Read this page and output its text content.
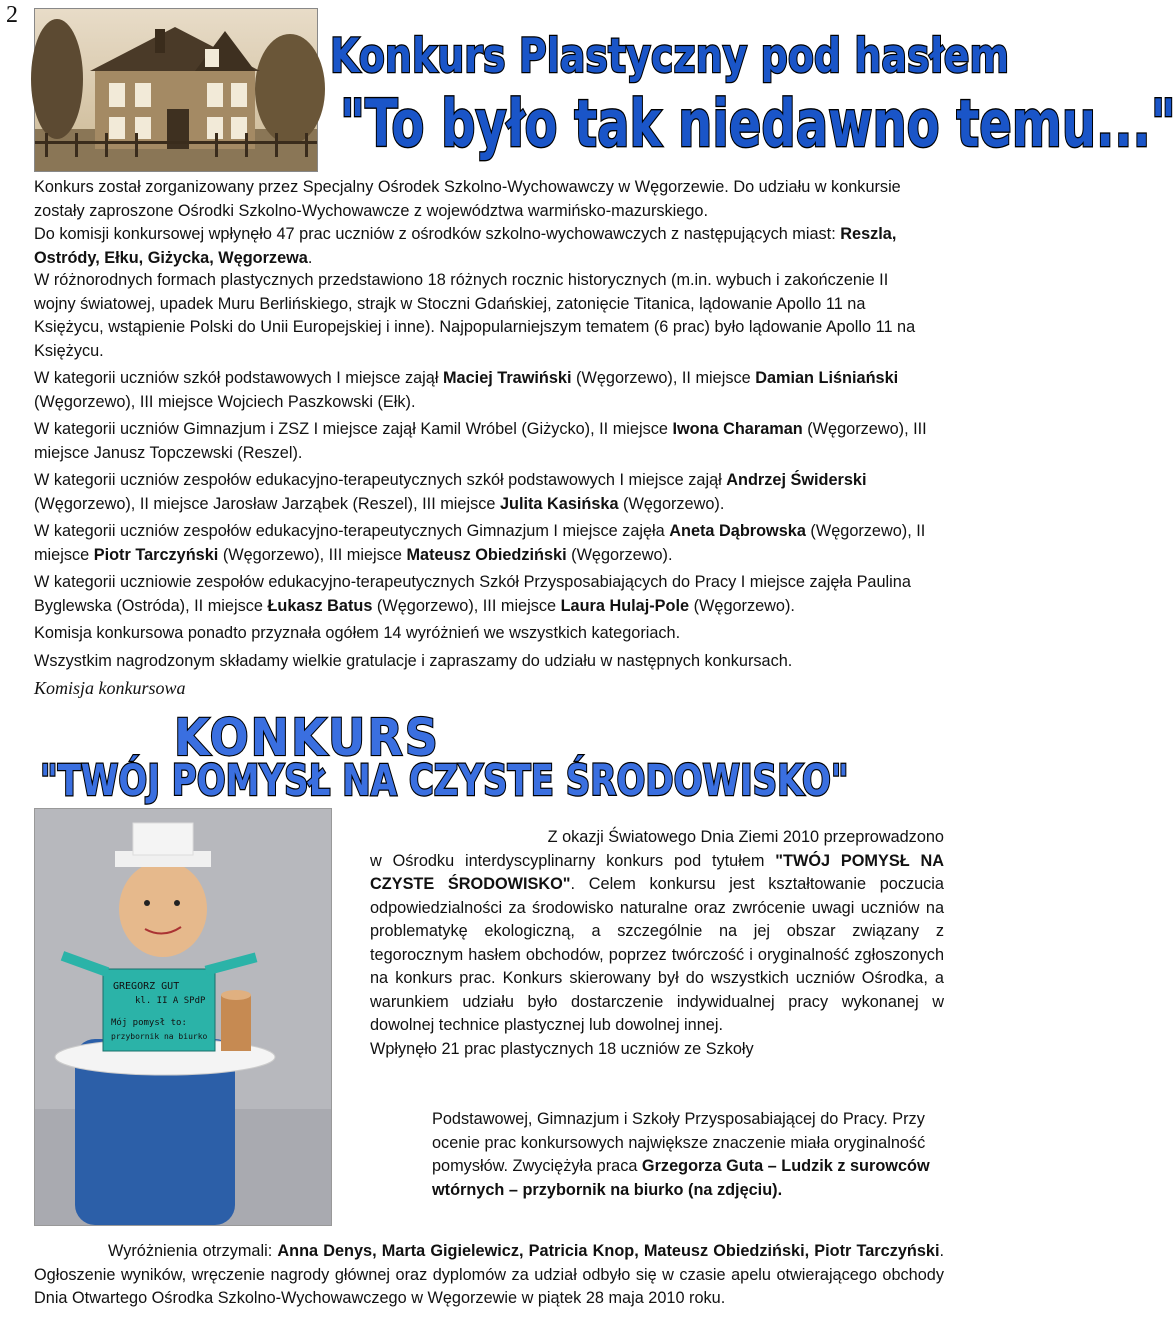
2
Konkurs Plastyczny pod hasłem
"To było tak niedawno temu..."
Konkurs został zorganizowany przez Specjalny Ośrodek Szkolno-Wychowawczy w Węgorzewie. Do udziału w konkursie zostały zaproszone Ośrodki Szkolno-Wychowawcze z województwa warmińsko-mazurskiego.
Do komisji konkursowej wpłynęło 47 prac uczniów z ośrodków szkolno-wychowawczych z następujących miast: Reszla, Ostródy, Ełku, Giżycka, Węgorzewa.

W różnorodnych formach plastycznych przedstawiono 18 różnych rocznic historycznych (m.in. wybuch i zakończenie II wojny światowej, upadek Muru Berlińskiego, strajk w Stoczni Gdańskiej, zatonięcie Titanica, lądowanie Apollo 11 na Księżycu, wstąpienie Polski do Unii Europejskiej i inne). Najpopularniejszym tematem (6 prac) było lądowanie Apollo 11 na Księżycu.

W kategorii uczniów szkół podstawowych I miejsce zajął Maciej Trawiński (Węgorzewo), II miejsce Damian Liśniański (Węgorzewo), III miejsce Wojciech Paszkowski (Ełk).

W kategorii uczniów Gimnazjum i ZSZ I miejsce zajął Kamil Wróbel (Giżycko), II miejsce Iwona Charaman (Węgorzewo), III miejsce Janusz Topczewski (Reszel).

W kategorii uczniów zespołów edukacyjno-terapeutycznych szkół podstawowych I miejsce zajął Andrzej Świderski (Węgorzewo), II miejsce Jarosław Jarząbek (Reszel), III miejsce Julita Kasińska (Węgorzewo).

W kategorii uczniów zespołów edukacyjno-terapeutycznych Gimnazjum I miejsce zajęła Aneta Dąbrowska (Węgorzewo), II miejsce Piotr Tarczyński (Węgorzewo), III miejsce Mateusz Obiedziński (Węgorzewo).

W kategorii uczniowie zespołów edukacyjno-terapeutycznych Szkół Przysposabiających do Pracy I miejsce zajęła Paulina Byglewska (Ostróda), II miejsce Łukasz Batus (Węgorzewo), III miejsce Laura Hulaj-Pole (Węgorzewo).

Komisja konkursowa ponadto przyznała ogółem 14 wyróżnień we wszystkich kategoriach.

Wszystkim nagrodzonym składamy wielkie gratulacje i zapraszamy do udziału w następnych konkursach.

Komisja konkursowa
KONKURS
"TWÓJ POMYSŁ NA CZYSTE ŚRODOWISKO"
GREGORZ GUT
kl. II A SPdP
Mój pomysł to:
przybornik na biurko
Z okazji Światowego Dnia Ziemi 2010 przeprowadzono
w Ośrodku interdyscyplinarny konkurs pod tytułem "TWÓJ POMYSŁ NA CZYSTE ŚRODOWISKO". Celem konkursu jest kształtowanie poczucia odpowiedzialności za środowisko naturalne oraz zwrócenie uwagi uczniów na problematykę ekologiczną, a szczególnie na jej obszar związany z tegorocznym hasłem obchodów, poprzez twórczość i oryginalność zgłoszonych na konkurs prac. Konkurs skierowany był do wszystkich uczniów Ośrodka, a warunkiem udziału było dostarczenie indywidualnej pracy wykonanej w dowolnej technice plastycznej lub dowolnej innej.
Wpłynęło 21 prac plastycznych 18 uczniów ze Szkoły
Podstawowej, Gimnazjum i Szkoły Przysposabiającej do Pracy. Przy ocenie prac konkursowych największe znaczenie miała oryginalność pomysłów. Zwyciężyła praca Grzegorza Guta – Ludzik z surowców wtórnych – przybornik na biurko (na zdjęciu).
Wyróżnienia otrzymali: Anna Denys, Marta Gigielewicz, Patricia Knop, Mateusz Obiedziński, Piotr Tarczyński. Ogłoszenie wyników, wręczenie nagrody głównej oraz dyplomów za udział odbyło się w czasie apelu otwierającego obchody Dnia Otwartego Ośrodka Szkolno-Wychowawczego w Węgorzewie w piątek 28 maja 2010 roku.
